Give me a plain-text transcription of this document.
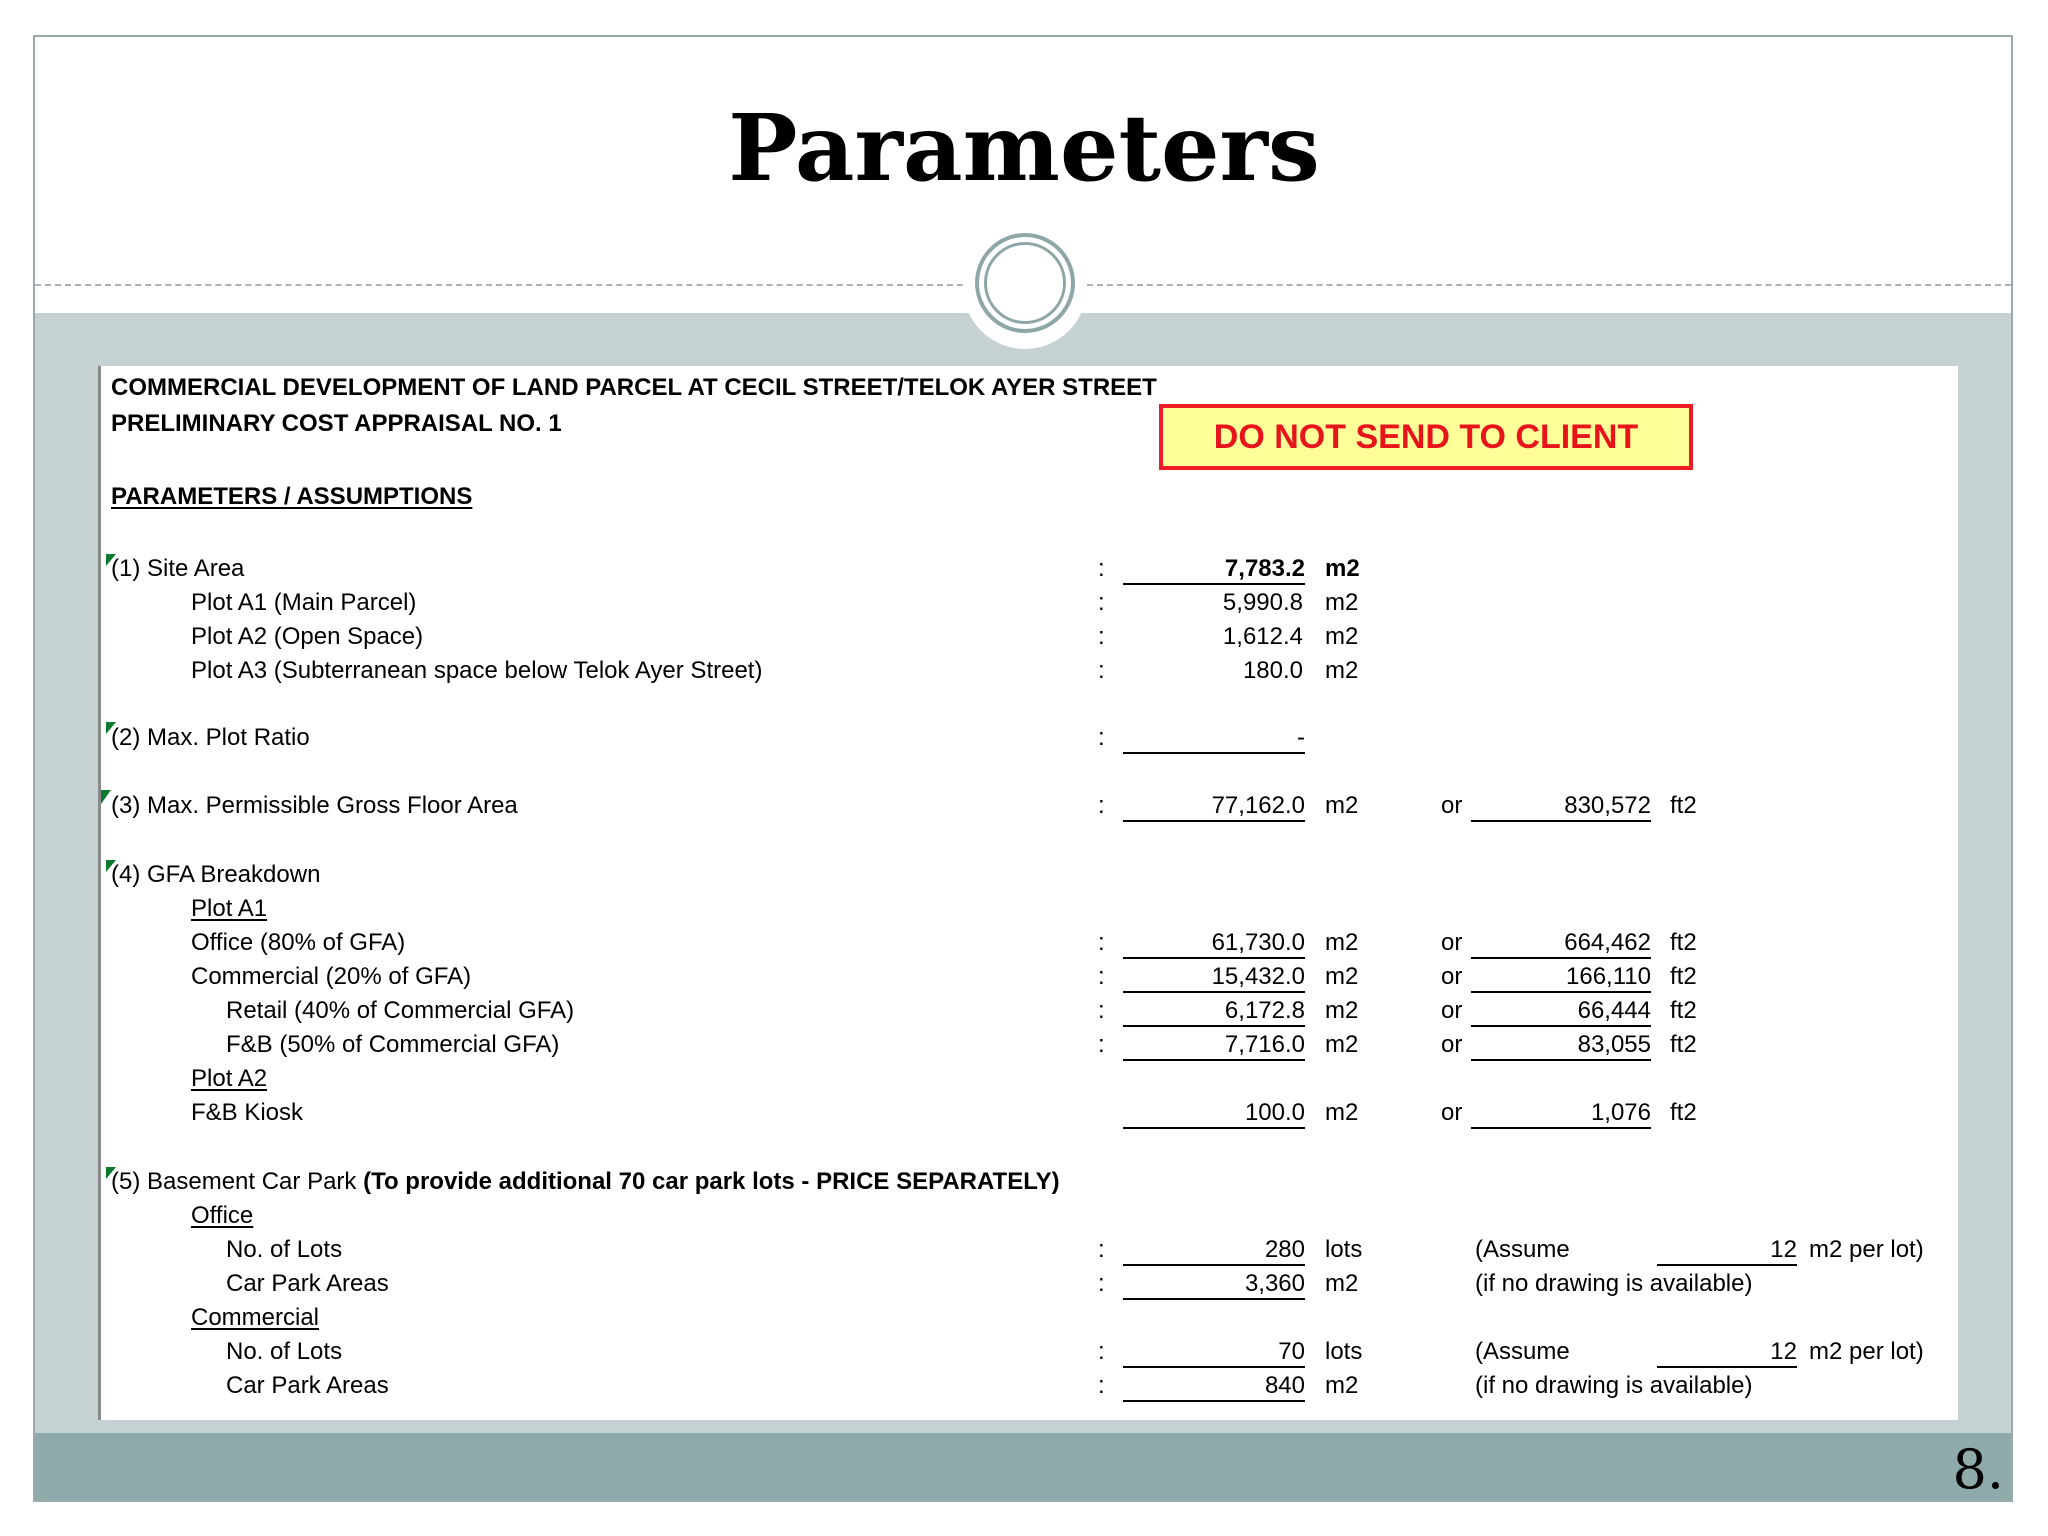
Parameters
COMMERCIAL DEVELOPMENT OF LAND PARCEL AT CECIL STREET/TELOK AYER STREET
PRELIMINARY COST APPRAISAL NO. 1	DO NOT SEND TO CLIENT
PARAMETERS / ASSUMPTIONS
(1) Site Area	:	7,783.2 m2
Plot A1 (Main Parcel)	:	5,990.8 m2
Plot A2 (Open Space)	:	1,612.4 m2
Plot A3 (Subterranean space below Telok Ayer Street)	:	180.0 m2
(2) Max. Plot Ratio	:	-
(3) Max. Permissible Gross Floor Area	:	77,162.0 m2	or	830,572 ft2
(4) GFA Breakdown
Plot A1
Office (80% of GFA)	:	61,730.0 m2	or	664,462 ft2
Commercial (20% of GFA)	:	15,432.0 m2	or	166,110 ft2
Retail (40% of Commercial GFA)	:	6,172.8 m2	or	66,444 ft2
F&B (50% of Commercial GFA)	:	7,716.0 m2	or	83,055 ft2
Plot A2
F&B Kiosk	100.0 m2	or	1,076 ft2
(5) Basement Car Park (To provide additional 70 car park lots - PRICE SEPARATELY)
Office
No. of Lots	:	280 lots	(Assume	12 m2 per lot)
Car Park Areas	:	3,360 m2	(if no drawing is available)
Commercial
No. of Lots	:	70 lots	(Assume	12 m2 per lot)
Car Park Areas	:	840 m2	(if no drawing is available)
8.
